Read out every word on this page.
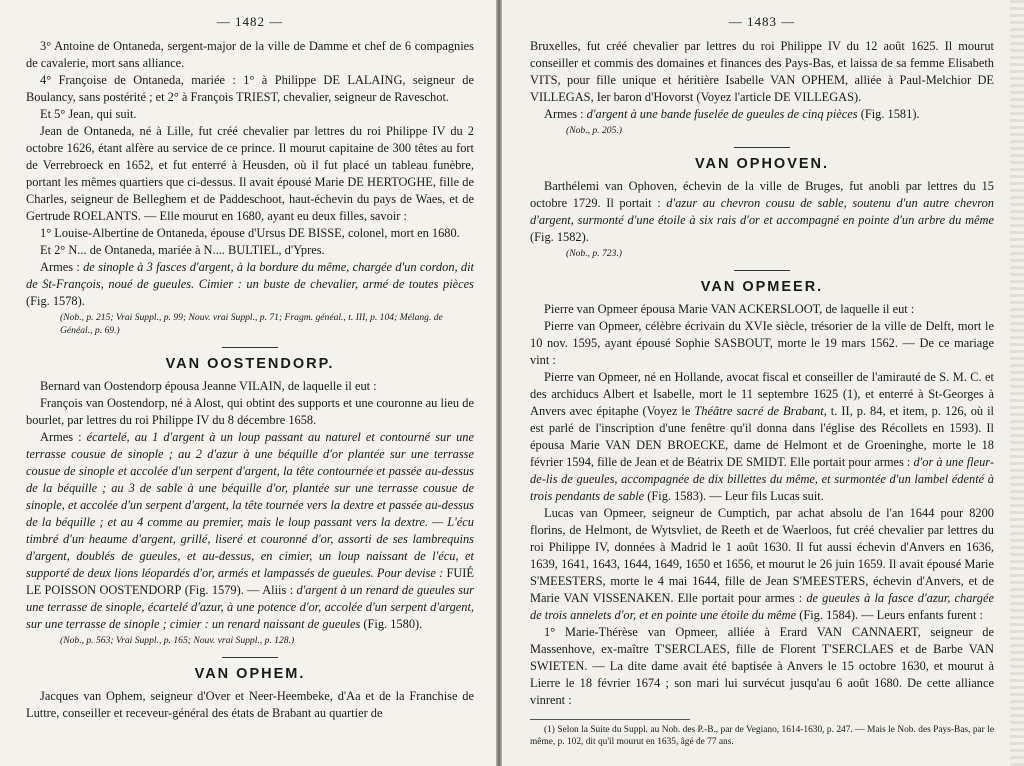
— 1482 —

3° Antoine de Ontaneda, sergent-major de la ville de Damme et chef de 6 compagnies de cavalerie, mort sans alliance.

4° Françoise de Ontaneda, mariée : 1° à Philippe DE LALAING, seigneur de Boulancy, sans postérité ; et 2° à François TRIEST, chevalier, seigneur de Raveschot.

Et 5° Jean, qui suit.

Jean de Ontaneda, né à Lille, fut créé chevalier par lettres du roi Philippe IV du 2 octobre 1626, étant alfère au service de ce prince. Il mourut capitaine de 300 têtes au fort de Verrebroeck en 1652, et fut enterré à Heusden, où il fut placé un tableau funèbre, portant les mêmes quartiers que ci-dessus. Il avait épousé Marie DE HERTOGHE, fille de Charles, seigneur de Belleghem et de Paddeschoot, haut-échevin du pays de Waes, et de Gertrude ROELANTS. — Elle mourut en 1680, ayant eu deux filles, savoir :

1° Louise-Albertine de Ontaneda, épouse d'Ursus DE BISSE, colonel, mort en 1680.

Et 2° N... de Ontaneda, mariée à N.... BULTIEL, d'Ypres.

Armes : de sinople à 3 fasces d'argent, à la bordure du même, chargée d'un cordon, dit de St-François, noué de gueules. Cimier : un buste de chevalier, armé de toutes pièces (Fig. 1578).

(Nob., p. 215; Vrai Suppl., p. 99; Nouv. vrai Suppl., p. 71; Fragm. généal., t. III, p. 104; Mélang. de Généal., p. 69.)

VAN OOSTENDORP.

Bernard van Oostendorp épousa Jeanne VILAIN, de laquelle il eut :

François van Oostendorp, né à Alost, qui obtint des supports et une couronne au lieu de bourlet, par lettres du roi Philippe IV du 8 décembre 1658.

Armes : écartelé, au 1 d'argent à un loup passant au naturel et contourné sur une terrasse cousue de sinople ; au 2 d'azur à une béquille d'or plantée sur une terrasse cousue de sinople et accolée d'un serpent d'argent, la tête contournée et passée au-dessus de la béquille ; au 3 de sable à une béquille d'or, plantée sur une terrasse cousue de sinople, et accolée d'un serpent d'argent, la tête tournée vers la dextre et passée au-dessus de la béquille ; et au 4 comme au premier, mais le loup passant vers la dextre. — L'écu timbré d'un heaume d'argent, grillé, liseré et couronné d'or, assorti de ses lambrequins d'argent, doublés de gueules, et au-dessus, en cimier, un loup naissant de l'écu, et supporté de deux lions léopardés d'or, armés et lampassés de gueules. Pour devise : FUIÉ LE POISSON OOSTENDORP (Fig. 1579). — Aliis : d'argent à un renard de gueules sur une terrasse de sinople, écartelé d'azur, à une potence d'or, accolée d'un serpent d'argent, sur une terrasse de sinople ; cimier : un renard naissant de gueules (Fig. 1580).

(Nob., p. 563; Vrai Suppl., p. 165; Nouv. vrai Suppl., p. 128.)

VAN OPHEM.

Jacques van Ophem, seigneur d'Over et Neer-Heembeke, d'Aa et de la Franchise de Luttre, conseiller et receveur-général des états de Brabant au quartier de

— 1483 —

Bruxelles, fut créé chevalier par lettres du roi Philippe IV du 12 août 1625. Il mourut conseiller et commis des domaines et finances des Pays-Bas, et laissa de sa femme Elisabeth VITS, pour fille unique et héritière Isabelle VAN OPHEM, alliée à Paul-Melchior DE VILLEGAS, Ier baron d'Hovorst (Voyez l'article DE VILLEGAS).

Armes : d'argent à une bande fuselée de gueules de cinq pièces (Fig. 1581).

(Nob., p. 205.)

VAN OPHOVEN.

Barthélemi van Ophoven, échevin de la ville de Bruges, fut anobli par lettres du 15 octobre 1729. Il portait : d'azur au chevron cousu de sable, soutenu d'un autre chevron d'argent, surmonté d'une étoile à six rais d'or et accompagné en pointe d'un arbre du même (Fig. 1582).

(Nob., p. 723.)

VAN OPMEER.

Pierre van Opmeer épousa Marie VAN ACKERSLOOT, de laquelle il eut :

Pierre van Opmeer, célèbre écrivain du XVIe siècle, trésorier de la ville de Delft, mort le 10 nov. 1595, ayant épousé Sophie SASBOUT, morte le 19 mars 1562. — De ce mariage vint :

Pierre van Opmeer, né en Hollande, avocat fiscal et conseiller de l'amirauté de S. M. C. et des archiducs Albert et Isabelle, mort le 11 septembre 1625 (1), et enterré à St-Georges à Anvers avec épitaphe (Voyez le Théâtre sacré de Brabant, t. II, p. 84, et item, p. 126, où il est parlé de l'inscription d'une fenêtre qu'il donna dans l'église des Récollets en 1593). Il épousa Marie VAN DEN BROECKE, dame de Helmont et de Groeninghe, morte le 18 février 1594, fille de Jean et de Béatrix DE SMIDT. Elle portait pour armes : d'or à une fleur-de-lis de gueules, accompagnée de dix billettes du même, et surmontée d'un lambel édenté à trois pendants de sable (Fig. 1583). — Leur fils Lucas suit.

Lucas van Opmeer, seigneur de Cumptich, par achat absolu de l'an 1644 pour 8200 florins, de Helmont, de Wytsvliet, de Reeth et de Waerloos, fut créé chevalier par lettres du roi Philippe IV, données à Madrid le 1 août 1630. Il fut aussi échevin d'Anvers en 1636, 1639, 1641, 1643, 1644, 1649, 1650 et 1656, et mourut le 26 juin 1659. Il avait épousé Marie S'MEESTERS, morte le 4 mai 1644, fille de Jean S'MEESTERS, échevin d'Anvers, et de Marie VAN VISSENAKEN. Elle portait pour armes : de gueules à la fasce d'azur, chargée de trois annelets d'or, et en pointe une étoile du même (Fig. 1584). — Leurs enfants furent :

1° Marie-Thérèse van Opmeer, alliée à Erard VAN CANNAERT, seigneur de Massenhove, ex-maître T'SERCLAES, fille de Florent T'SERCLAES et de Barbe VAN SWIETEN. — La dite dame avait été baptisée à Anvers le 15 octobre 1630, et mourut à Lierre le 18 février 1674 ; son mari lui survécut jusqu'au 6 août 1680. De cette alliance vinrent :

(1) Selon la Suite du Suppl. au Nob. des P.-B., par de Vegiano, 1614-1630, p. 247. — Mais le Nob. des Pays-Bas, par le même, p. 102, dit qu'il mourut en 1635, âgé de 77 ans.
